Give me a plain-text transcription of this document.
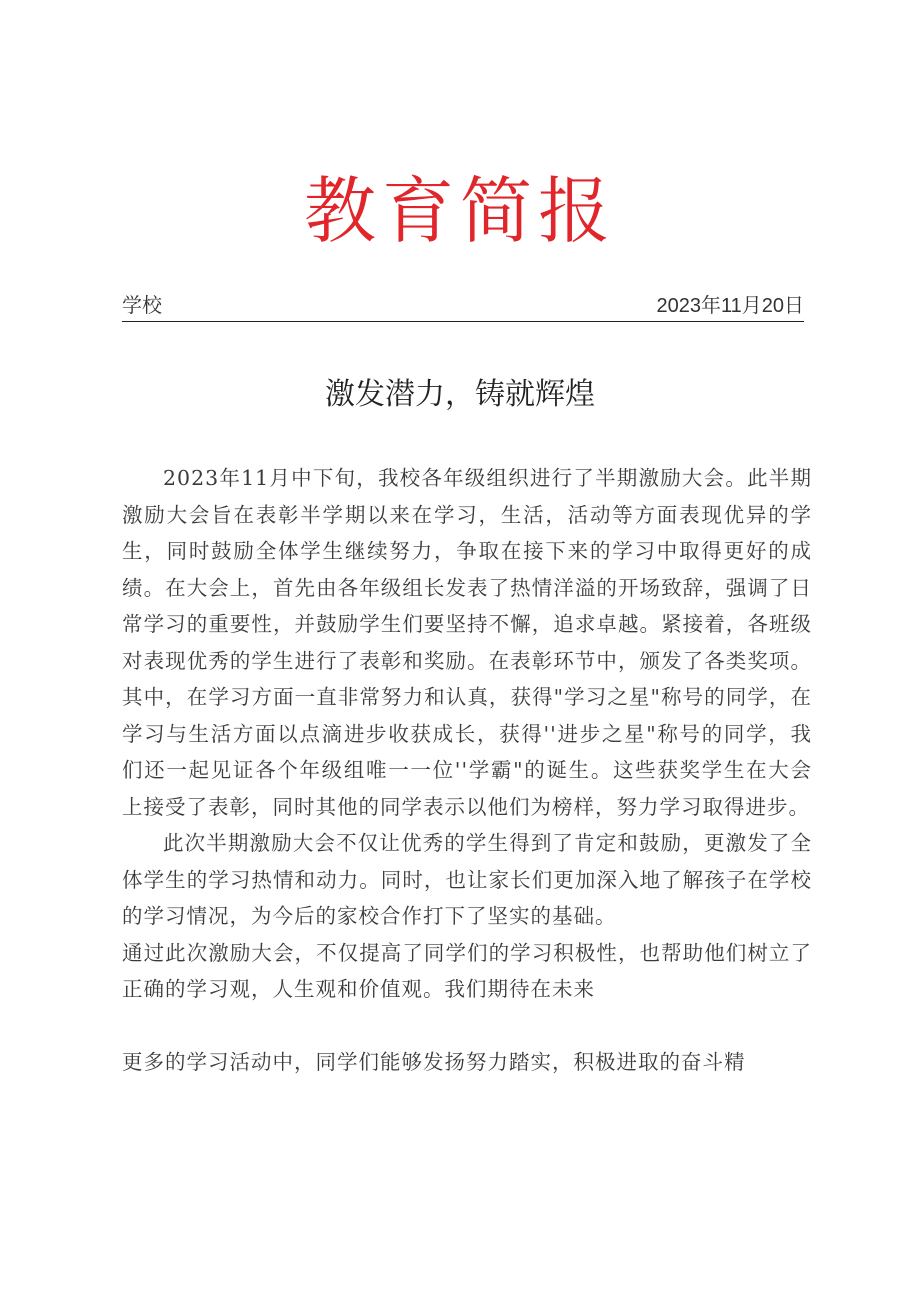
教育简报
学校	2023年11月20日
激发潜力，铸就辉煌

2023年11月中下旬，我校各年级组织进行了半期激励大会。此半期激励大会旨在表彰半学期以来在学习，生活，活动等方面表现优异的学生，同时鼓励全体学生继续努力，争取在接下来的学习中取得更好的成绩。在大会上，首先由各年级组长发表了热情洋溢的开场致辞，强调了日常学习的重要性，并鼓励学生们要坚持不懈，追求卓越。紧接着，各班级对表现优秀的学生进行了表彰和奖励。在表彰环节中，颁发了各类奖项。其中，在学习方面一直非常努力和认真，获得"学习之星"称号的同学，在学习与生活方面以点滴进步收获成长，获得''进步之星"称号的同学，我们还一起见证各个年级组唯一一位''学霸"的诞生。这些获奖学生在大会上接受了表彰，同时其他的同学表示以他们为榜样，努力学习取得进步。

此次半期激励大会不仅让优秀的学生得到了肯定和鼓励，更激发了全体学生的学习热情和动力。同时，也让家长们更加深入地了解孩子在学校的学习情况，为今后的家校合作打下了坚实的基础。

通过此次激励大会，不仅提高了同学们的学习积极性，也帮助他们树立了正确的学习观，人生观和价值观。我们期待在未来

更多的学习活动中，同学们能够发扬努力踏实，积极进取的奋斗精
